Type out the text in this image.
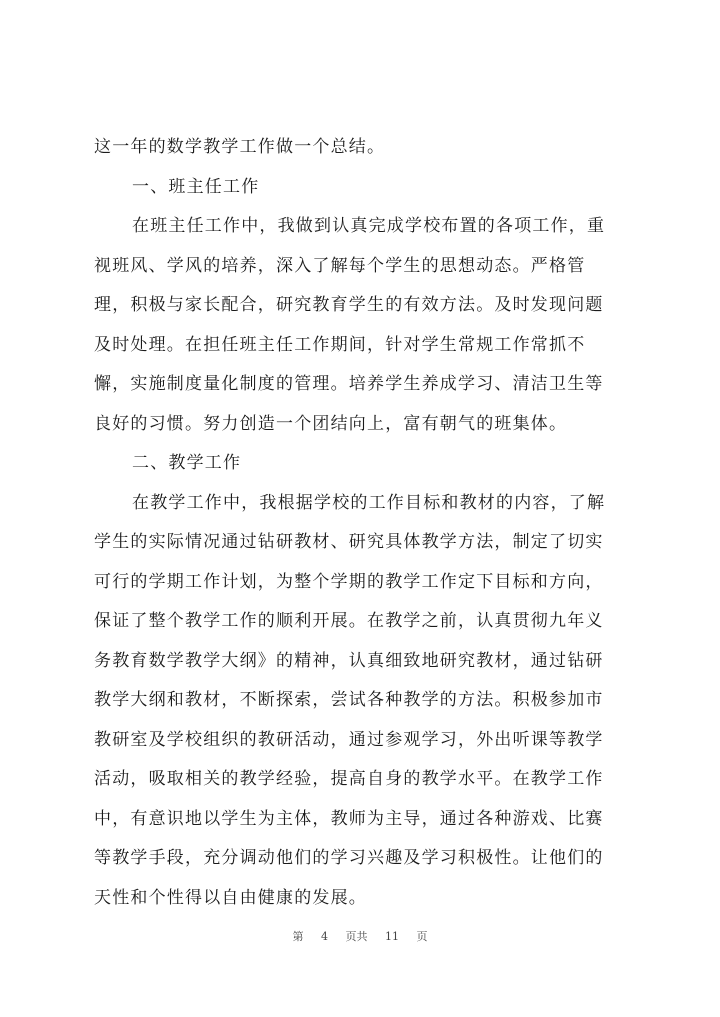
这一年的数学教学工作做一个总结。
一、班主任工作
在班主任工作中，我做到认真完成学校布置的各项工作，重
视班风、学风的培养，深入了解每个学生的思想动态。严格管
理，积极与家长配合，研究教育学生的有效方法。及时发现问题
及时处理。在担任班主任工作期间，针对学生常规工作常抓不
懈，实施制度量化制度的管理。培养学生养成学习、清洁卫生等
良好的习惯。努力创造一个团结向上，富有朝气的班集体。
二、教学工作
在教学工作中，我根据学校的工作目标和教材的内容，了解
学生的实际情况通过钻研教材、研究具体教学方法，制定了切实
可行的学期工作计划，为整个学期的教学工作定下目标和方向，
保证了整个教学工作的顺利开展。在教学之前，认真贯彻九年义
务教育数学教学大纲》的精神，认真细致地研究教材，通过钻研
教学大纲和教材，不断探索，尝试各种教学的方法。积极参加市
教研室及学校组织的教研活动，通过参观学习，外出听课等教学
活动，吸取相关的教学经验，提高自身的教学水平。在教学工作
中，有意识地以学生为主体，教师为主导，通过各种游戏、比赛
等教学手段，充分调动他们的学习兴趣及学习积极性。让他们的
天性和个性得以自由健康的发展。
第 4 页共 11 页
